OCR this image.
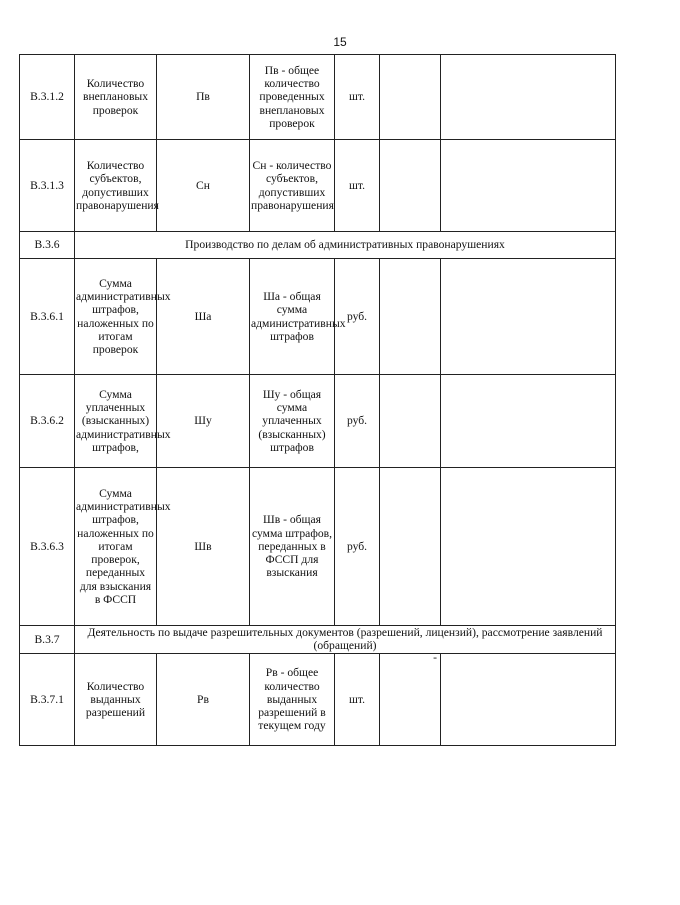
15
В.3.1.2	Количество внеплановых проверок	Пв	Пв - общее количество проведенных внеплановых проверок	шт.		
В.3.1.3	Количество субъектов, допустивших правонарушения	Сн	Сн - количество субъектов, допустивших правонарушения	шт.		
В.3.6	Производство по делам об административных правонарушениях					
В.3.6.1	Сумма административных штрафов, наложенных по итогам проверок	Ша	Ша - общая сумма административных штрафов	руб.		
В.3.6.2	Сумма уплаченных (взысканных) административных штрафов,	Шу	Шу - общая сумма уплаченных (взысканных) штрафов	руб.		
В.3.6.3	Сумма административных штрафов, наложенных по итогам проверок, переданных для взыскания в ФССП	Шв	Шв - общая сумма штрафов, переданных в ФССП для взыскания	руб.		
В.3.7	Деятельность по выдаче разрешительных документов (разрешений, лицензий), рассмотрение заявлений (обращений)					
В.3.7.1	Количество выданных разрешений	Рв	Рв - общее количество выданных разрешений в текущем году	шт.	-	
